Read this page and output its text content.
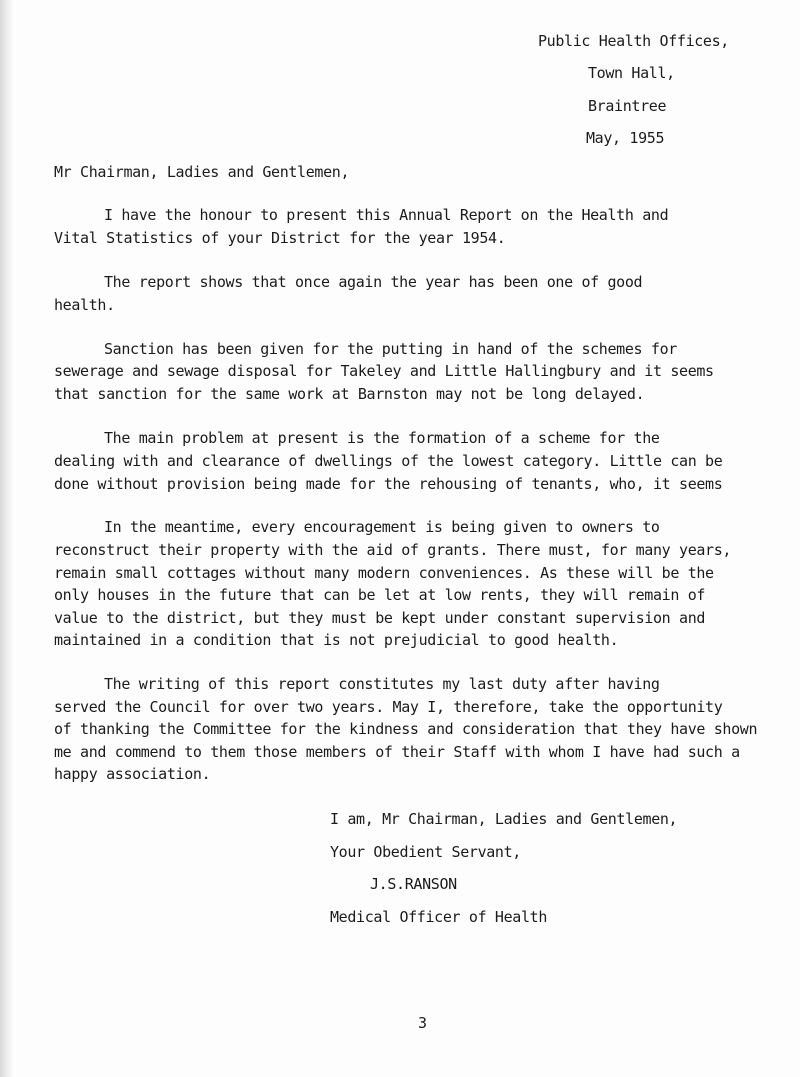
Public Health Offices,
Town Hall,
Braintree
May, 1955
Mr Chairman, Ladies and Gentlemen,
I have the honour to present this Annual Report on the Health and
Vital Statistics of your District for the year 1954.
The report shows that once again the year has been one of good
health.
Sanction has been given for the putting in hand of the schemes for
sewerage and sewage disposal for Takeley and Little Hallingbury and it seems
that sanction for the same work at Barnston may not be long delayed.
The main problem at present is the formation of a scheme for the
dealing with and clearance of dwellings of the lowest category. Little can be
done without provision being made for the rehousing of tenants, who, it seems
In the meantime, every encouragement is being given to owners to
reconstruct their property with the aid of grants. There must, for many years,
remain small cottages without many modern conveniences. As these will be the
only houses in the future that can be let at low rents, they will remain of
value to the district, but they must be kept under constant supervision and
maintained in a condition that is not prejudicial to good health.
The writing of this report constitutes my last duty after having
served the Council for over two years. May I, therefore, take the opportunity
of thanking the Committee for the kindness and consideration that they have shown
me and commend to them those members of their Staff with whom I have had such a
happy association.
I am, Mr Chairman, Ladies and Gentlemen,
Your Obedient Servant,
J.S.RANSON
Medical Officer of Health
3
